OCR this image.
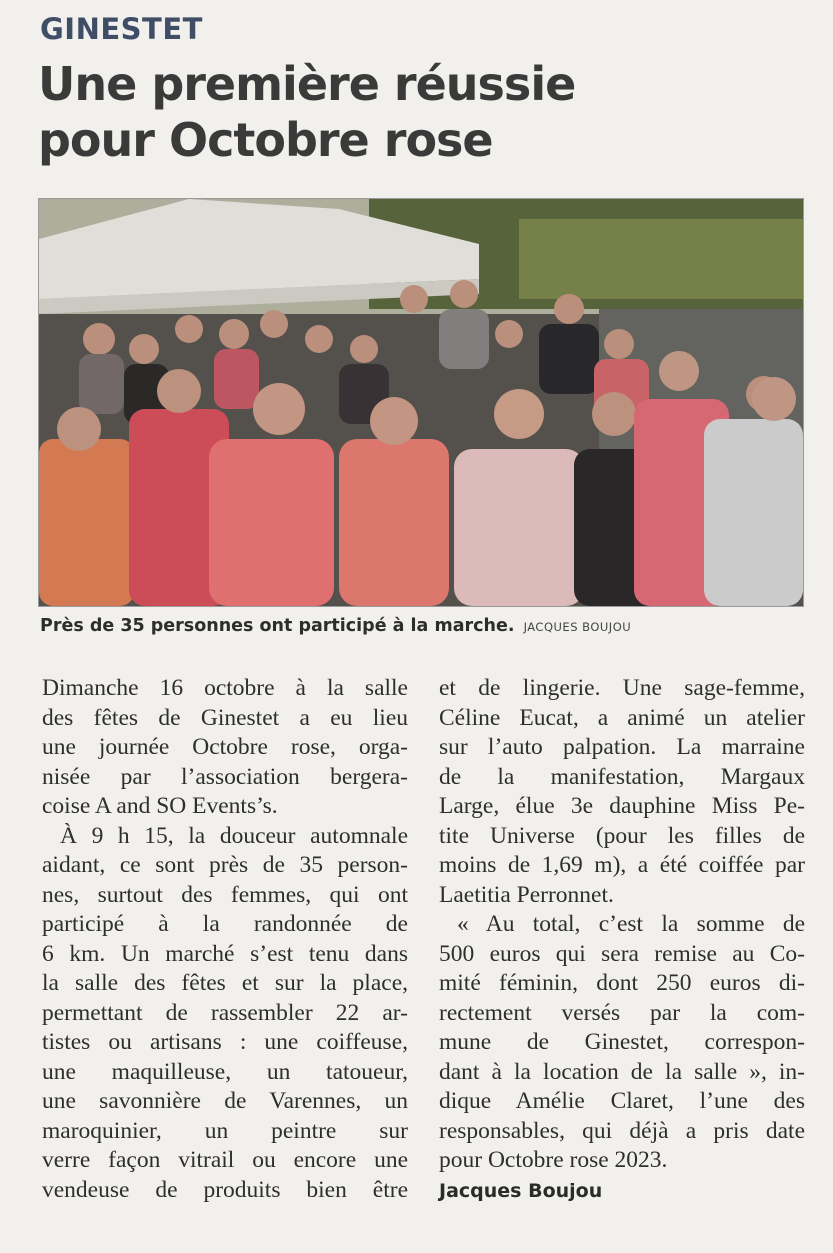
GINESTET
Une première réussie
pour Octobre rose
Près de 35 personnes ont participé à la marche. JACQUES BOUJOU
Dimanche 16 octobre à la salle
des fêtes de Ginestet a eu lieu
une journée Octobre rose, orga-
nisée par l’association bergera-
coise A and SO Events’s.
À 9 h 15, la douceur automnale
aidant, ce sont près de 35 person-
nes, surtout des femmes, qui ont
participé à la randonnée de
6 km. Un marché s’est tenu dans
la salle des fêtes et sur la place,
permettant de rassembler 22 ar-
tistes ou artisans : une coiffeuse,
une maquilleuse, un tatoueur,
une savonnière de Varennes, un
maroquinier, un peintre sur
verre façon vitrail ou encore une
vendeuse de produits bien être
et de lingerie. Une sage-femme,
Céline Eucat, a animé un atelier
sur l’auto palpation. La marraine
de la manifestation, Margaux
Large, élue 3e dauphine Miss Pe-
tite Universe (pour les filles de
moins de 1,69 m), a été coiffée par
Laetitia Perronnet.
« Au total, c’est la somme de
500 euros qui sera remise au Co-
mité féminin, dont 250 euros di-
rectement versés par la com-
mune de Ginestet, correspon-
dant à la location de la salle », in-
dique Amélie Claret, l’une des
responsables, qui déjà a pris date
pour Octobre rose 2023.
Jacques Boujou
